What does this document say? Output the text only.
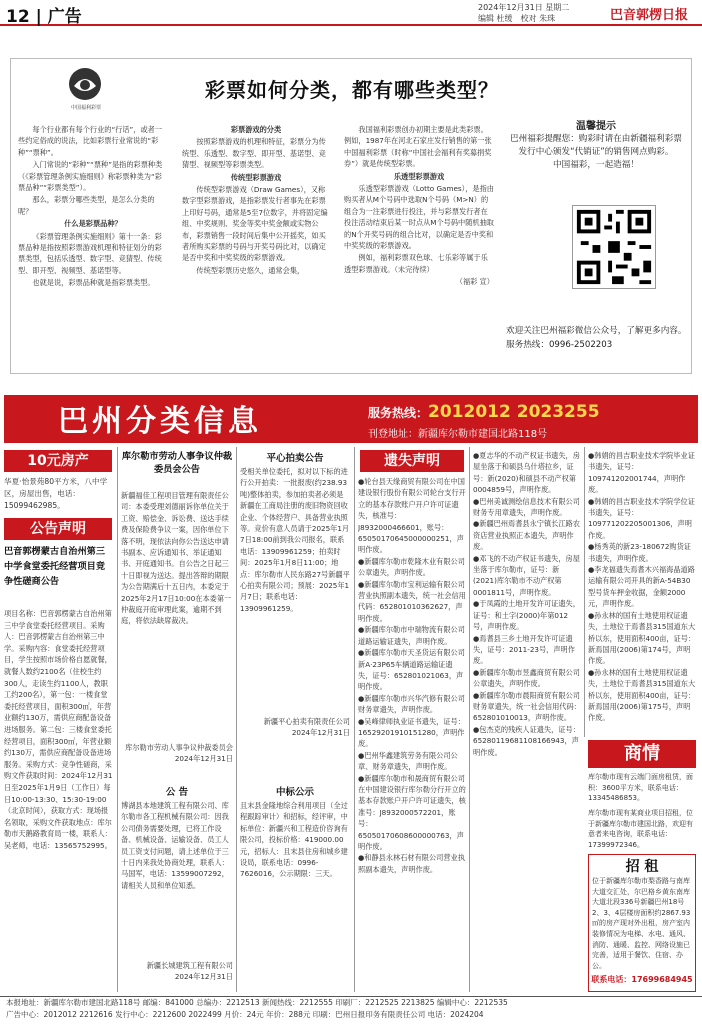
12 | 广告	2024年12月31日 星期二
编辑 杜缓　 校对 朱珠	巴音郭楞日报
中国福利彩票
彩票如何分类，都有哪些类型？

每个行业都有每个行业的“行话”，或者一些约定俗成的说法，比如彩票行业常说的“彩种”“票种”。

入门常说的“彩种”“票种”是指的彩票种类（《彩票管理条例实施细则》称彩票种类为“彩票品种”“彩票类型”）。

那么，彩票分哪些类型，是怎么分类的呢？

什么是彩票品种？

《彩票管理条例实施细则》第十一条：彩票品种是指按照彩票游戏机理和特征划分的彩票类型，包括乐透型、数字型、竞猜型、传统型、即开型、视频型、基诺型等。

也就是说，彩票品种就是指彩票类型。

彩票游戏的分类

按照彩票游戏的机理和特征，彩票分为传统型、乐透型、数字型、即开型、基诺型、竞猜型、视频型等彩票类型。

传统型彩票游戏

传统型彩票游戏（Draw Games），又称数字型彩票游戏，是指彩票发行者事先在彩票上印好号码，通常是5至7位数字，并将固定编组、中奖规则、奖金等奖中奖金额或实物公布，彩票销售一段时间后集中公开摇奖，如买者所购买彩票的号码与开奖号码比对，以确定是否中奖和中奖奖级的彩票游戏。

传统型彩票历史悠久，通常会集，

我国福利彩票创办初期主要是此类彩票。例如，1987年在河北石家庄发行销售的第一张中国福利彩票（时称“中国社会福利有奖募捐奖券”）就是传统型彩票。

乐透型彩票游戏

乐透型彩票游戏（Lotto Games），是指由购买者从M个号码中选取N个号码（M>N）的组合为一注彩票进行投注，并与彩票发行者在投注活动结束后某一时点从M个号码中随机抽取的N个开奖号码的组合比对，以确定是否中奖和中奖奖级的彩票游戏。

例如，福利彩票双色球、七乐彩等属于乐透型彩票游戏。（未完待续）

（福彩 宣）

温馨提示
巴州福彩提醒您：购彩时请在由新疆福利彩票发行中心颁发“代销证”的销售网点购彩。
中国福彩，一起造福！
欢迎关注巴州福彩微信公众号，了解更多内容。
服务热线：0996-2502203
巴州分类信息	服务热线：2012012 2023255
刊登地址：新疆库尔勒市建国北路118号
10元房产
华夏·怡景苑80平方米，八中学区，房屋出售，电话：15099462985。
公告声明
巴音郭楞蒙古自治州第三中学食堂委托经营项目竞争性磋商公告
项目名称：巴音郭楞蒙古自治州第三中学食堂委托经营项目。采购人：巴音郭楞蒙古自治州第三中学。采购内容：食堂委托经营项目，学生按照市场价格自愿就餐，就餐人数约2100名（住校生约300人，走读生约1100人，教职工约200名），第一包：一楼食堂委托经营项目，面积300㎡，年营业额约130万，需供应商配备设备进场服务。第二包：三楼食堂委托经营项目，面积300㎡，年营业额约130万，需供应商配备设备进场服务。采购方式：竞争性磋商，采购文件获取时间：2024年12月31日至2025年1月9日（工作日）每日10:00-13:30、15:30-19:00（北京时间），获取方式：现场报名领取，采购文件获取地点：库尔勒市天鹅路教育局一楼，联系人：吴老师，电话：13565752995。
库尔勒市劳动人事争议仲裁委员会公告
新疆福佳工程项目管理有限责任公司：本委受理刘德丽诉你单位关于工资、赔偿金、诉讼费、送达手续费及保险费争议一案，因你单位下落不明，现依法向你公告送达申请书副本、应诉通知书、举证通知书、开庭通知书。自公告之日起三十日即视为送达。提出答辩的期限为公告期满后十五日内，本委定于2025年2月17日10:00在本委第一仲裁庭开庭审理此案，逾期不到庭，将依法缺席裁决。
库尔勒市劳动人事争议仲裁委员会
2024年12月31日
公 告
博湖县本地建筑工程有限公司、库尔勒市各工程机械有限公司：因我公司债务需要处理，已将工作设备、机械设备、运输设备、员工人员工资支付问题，请上述单位于三十日内来我处协商处理，联系人：马国军，电话：13599007292，请相关人员和单位知悉。
新疆长城建筑工程有限公司
2024年12月31日
平心拍卖公告
受相关单位委托，拟对以下标的进行公开拍卖：一批报废(约238.93吨)整体拍卖，参加拍卖者必须是新疆在工商局注册的废旧物资回收企业、个体经营户、具备营业执照等。竞价有意人员请于2025年1月7日18:00前到我公司报名，联系电话：13909961259；拍卖时间：2025年1月8日11:00；地点：库尔勒市人民东路27号新疆平心拍卖有限公司；预展：2025年1月7日；联系电话：13909961259。
新疆平心拍卖有限责任公司
2024年12月31日
中标公示
且末县金隆地综合利用项目（全过程跟踪审计）和招标，经评审，中标单位：新疆兴和工程造价咨询有限公司，投标价格：419000.00元，招标人：且末县住房和城乡建设局，联系电话：0996-7626016，公示期限：三天。
遗失声明
●轮台县天缘商贸有限公司在中国建设银行股份有限公司轮台支行开立的基本存款账户开户许可证遗失，核准号：J8932000466601，账号：65050170645000000251，声明作废。
●新疆库尔勒市乾隆木业有限公司公章遗失，声明作废。
●新疆库尔勒市宝利运输有限公司营业执照副本遗失，统一社会信用代码：652801010362627，声明作废。
●新疆库尔勒市中瑞物流有限公司道路运输证遗失，声明作废。
●新疆库尔勒市天圣货运有限公司新A·23P65车辆道路运输证遗失，证号：652801021063，声明作废。
●新疆库尔勒市兴华汽修有限公司财务章遗失，声明作废。
●吴峰律师执业证书遗失，证号：16529201910151280，声明作废。
●巴州华鑫建筑劳务有限公司公章、财务章遗失，声明作废。
●新疆库尔勒市和晟商贸有限公司在中国建设银行库尔勒分行开立的基本存款账户开户许可证遗失，核准号：J8932000572201，账号：65050170608600000763，声明作废。
●和静县永林石材有限公司营业执照副本遗失，声明作废。
●夏志华的不动产权证书遗失，房屋坐落于和硕县乌什塔拉乡，证号：新(2020)和硕县不动产权第0004859号，声明作废。
●巴州美诚测绘信息技术有限公司财务专用章遗失，声明作废。
●新疆巴州焉耆县永宁镇长江路农资店营业执照正本遗失，声明作废。
●邓飞的不动产权证书遗失，房屋坐落于库尔勒市，证号：新(2021)库尔勒市不动产权第0001811号，声明作废。
●于凤霞的土地开发许可证遗失，证号：和土字(2000)年第012号，声明作废。
●焉耆县三乡土地开发许可证遗失，证号：2011-23号，声明作废。
●新疆库尔勒市昱鑫商贸有限公司公章遗失，声明作废。
●新疆库尔勒市晨阳商贸有限公司财务章遗失，统一社会信用代码：652801010013，声明作废。
●包杰克的残疾人证遗失，证号：65280119681108166943，声明作废。
●韩娟的昌吉职业技术学院毕业证书遗失，证号：109741202001744，声明作废。
●韩娟的昌吉职业技术学院学位证书遗失，证号：109771202205001306，声明作废。
●杨秀英的新23-180672购货证书遗失，声明作废。
●李龙福遗失焉耆木兴福海晶道路运输有限公司开具的新A-54B30型号货车押金收据，金额2000元，声明作废。
●孙永林的国有土地使用权证遗失，土地位于焉耆县315国道东大桥以东，使用面积400亩，证号：新焉国用(2006)第174号，声明作废。
●孙永林的国有土地使用权证遗失，土地位于焉耆县315国道东大桥以东，使用面积400亩，证号：新焉国用(2006)第175号，声明作废。
商情
库尔勒市现有云端门面房租赁，面积：3600平方米，联系电话：13345486853。
库尔勒市现有某商业项目招租，位于新疆库尔勒市建国北路，欢迎有意者来电咨询，联系电话：17399972346。
招 租
位于新疆库尔勒市梨香路与南库大道交汇处，尔巴格乡黄东南库大道北段336号新疆巴州18号2、3、4层楼房面积约2867.93㎡的房产现对外出租，房产室内装修情况为电梯、水电、通风、消防、通暖、监控、网络设施已完善，适用于餐饮、住宿、办公。
联系电话：17699684945
本报地址：新疆库尔勒市建国北路118号 邮编：841000 总编办：2212513 新闻热线：2212555 印刷厂：2212525 2213825 编辑中心：2212535
广告中心：2012012 2212616 发行中心：2212600 2022499 月价：24元 年价：288元 印刷：巴州日报印务有限责任公司 电话：2024204
